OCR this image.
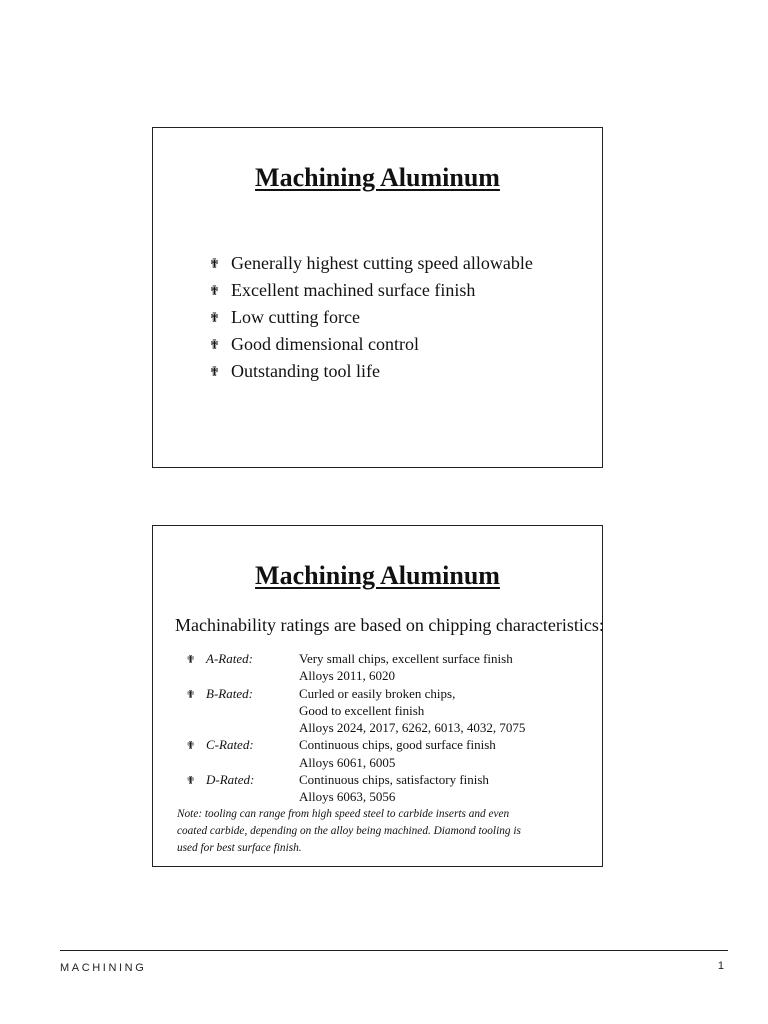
Machining Aluminum
✟ Generally highest cutting speed allowable
✟ Excellent machined surface finish
✟ Low cutting force
✟ Good dimensional control
✟ Outstanding tool life
Machining Aluminum

Machinability ratings are based on chipping characteristics:

✟ A-Rated:	Very small chips, excellent surface finish
Alloys 2011, 6020
✟ B-Rated:	Curled or easily broken chips,
Good to excellent finish
Alloys 2024, 2017, 6262, 6013, 4032, 7075
✟ C-Rated:	Continuous chips, good surface finish
Alloys 6061, 6005
✟ D-Rated:	Continuous chips, satisfactory finish
Alloys 6063, 5056

Note: tooling can range from high speed steel to carbide inserts and even
coated carbide, depending on the alloy being machined. Diamond tooling is
used for best surface finish.

MACHINING	1
